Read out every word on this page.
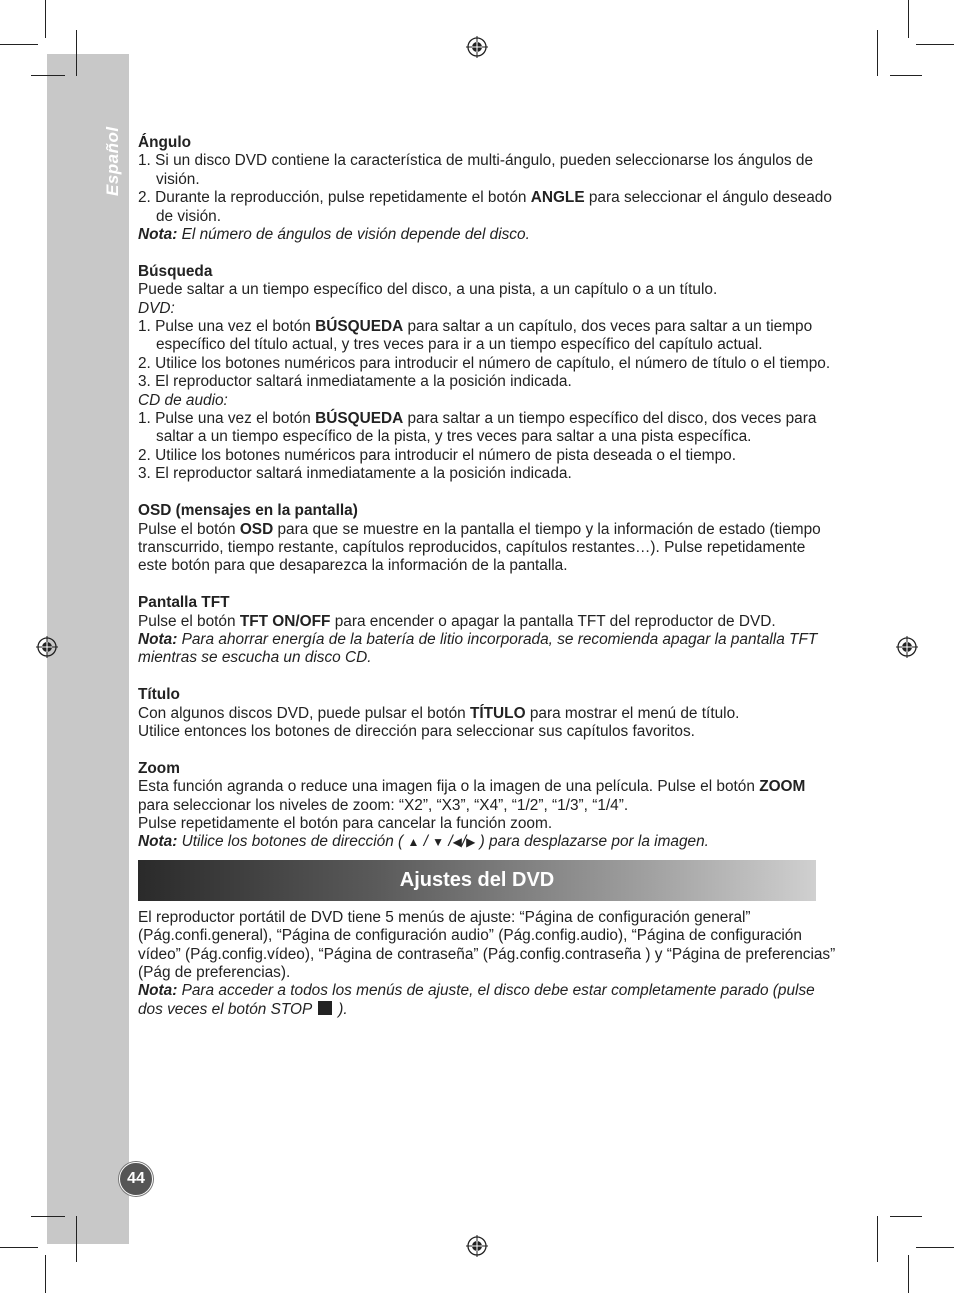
Español
44

Ángulo

1. Si un disco DVD contiene la característica de multi-ángulo, pueden seleccionarse los ángulos de visión.

2. Durante la reproducción, pulse repetidamente el botón ANGLE para seleccionar el ángulo deseado de visión.

Nota: El número de ángulos de visión depende del disco.

Búsqueda

Puede saltar a un tiempo específico del disco, a una pista, a un capítulo o a un título.

DVD:

1. Pulse una vez el botón BÚSQUEDA para saltar a un capítulo, dos veces para saltar a un tiempo específico del título actual, y tres veces para ir a un tiempo específico del capítulo actual.

2. Utilice los botones numéricos para introducir el número de capítulo, el número de título o el tiempo.

3. El reproductor saltará inmediatamente a la posición indicada.

CD de audio:

1. Pulse una vez el botón BÚSQUEDA para saltar a un tiempo específico del disco, dos veces para saltar a un tiempo específico de la pista, y tres veces para saltar a una pista específica.

2. Utilice los botones numéricos para introducir el número de pista deseada o el tiempo.

3. El reproductor saltará inmediatamente a la posición indicada.

OSD (mensajes en la pantalla)

Pulse el botón OSD para que se muestre en la pantalla el tiempo y la información de estado (tiempo transcurrido, tiempo restante, capítulos reproducidos, capítulos restantes…). Pulse repetidamente este botón para que desaparezca la información de la pantalla.

Pantalla TFT

Pulse el botón TFT ON/OFF para encender o apagar la pantalla TFT del reproductor de DVD.

Nota: Para ahorrar energía de la batería de litio incorporada, se recomienda apagar la pantalla TFT mientras se escucha un disco CD.

Título

Con algunos discos DVD, puede pulsar el botón TÍTULO para mostrar el menú de título.

Utilice entonces los botones de dirección para seleccionar sus capítulos favoritos.

Zoom

Esta función agranda o reduce una imagen fija o la imagen de una película. Pulse el botón ZOOM para seleccionar los niveles de zoom: “X2”, “X3”, “X4”, “1/2”, “1/3”, “1/4”.

Pulse repetidamente el botón para cancelar la función zoom.

Nota: Utilice los botones de dirección ( ▲ / ▼ /◀/▶ ) para desplazarse por la imagen.

Ajustes del DVD

El reproductor portátil de DVD tiene 5 menús de ajuste: “Página de configuración general” (Pág.confi.general), “Página de configuración audio” (Pág.config.audio), “Página de configuración vídeo” (Pág.config.vídeo), “Página de contraseña” (Pág.config.contraseña ) y “Página de preferencias” (Pág de preferencias).

Nota: Para acceder a todos los menús de ajuste, el disco debe estar completamente parado (pulse dos veces el botón STOP  ).
